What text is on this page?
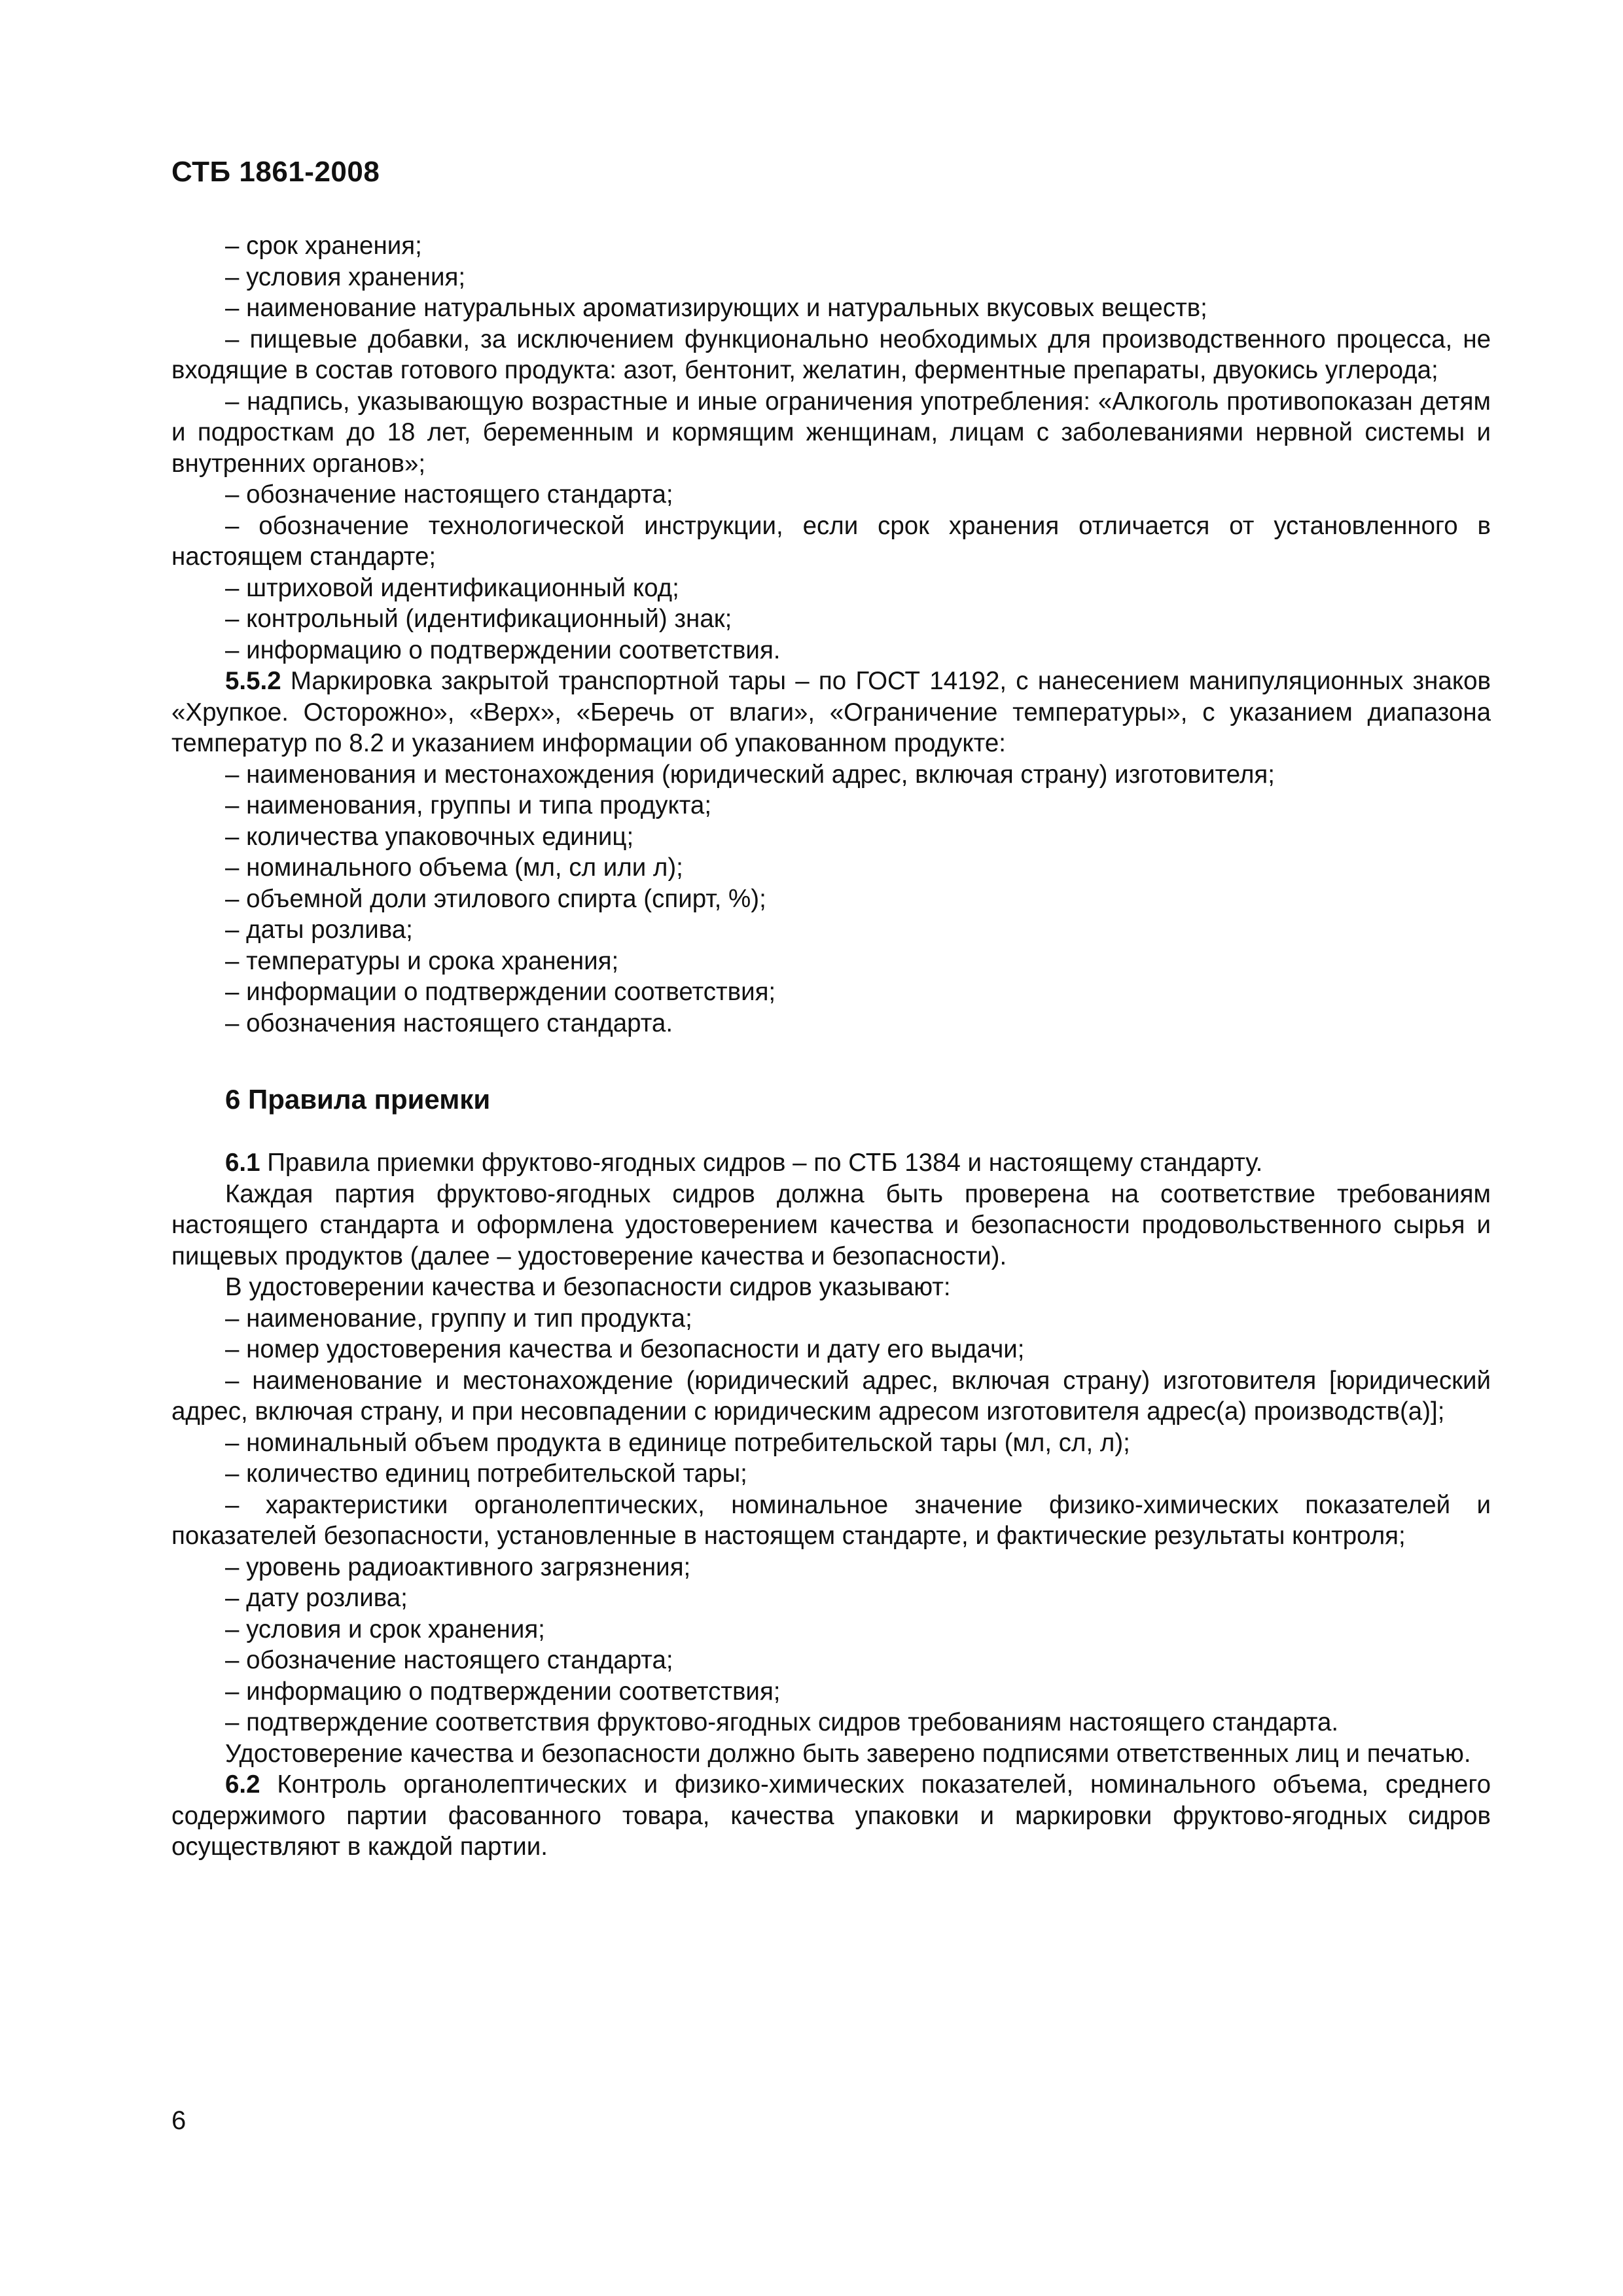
СТБ 1861-2008

– срок хранения;

– условия хранения;

– наименование натуральных ароматизирующих и натуральных вкусовых веществ;

– пищевые добавки, за исключением функционально необходимых для производственного процесса, не входящие в состав готового продукта: азот, бентонит, желатин, ферментные препараты, двуокись углерода;

– надпись, указывающую возрастные и иные ограничения употребления: «Алкоголь противопоказан детям и подросткам до 18 лет, беременным и кормящим женщинам, лицам с заболеваниями нервной системы и внутренних органов»;

– обозначение настоящего стандарта;

– обозначение технологической инструкции, если срок хранения отличается от установленного в настоящем стандарте;

– штриховой идентификационный код;

– контрольный (идентификационный) знак;

– информацию о подтверждении соответствия.

5.5.2 Маркировка закрытой транспортной тары – по ГОСТ 14192, с нанесением манипуляционных знаков «Хрупкое. Осторожно», «Верх», «Беречь от влаги», «Ограничение температуры», с указанием диапазона температур по 8.2 и указанием информации об упакованном продукте:

– наименования и местонахождения (юридический адрес, включая страну) изготовителя;

– наименования, группы и типа продукта;

– количества упаковочных единиц;

– номинального объема (мл, сл или л);

– объемной доли этилового спирта (спирт, %);

– даты розлива;

– температуры и срока хранения;

– информации о подтверждении соответствия;

– обозначения настоящего стандарта.

6 Правила приемки

6.1 Правила приемки фруктово-ягодных сидров – по СТБ 1384 и настоящему стандарту.

Каждая партия фруктово-ягодных сидров должна быть проверена на соответствие требованиям настоящего стандарта и оформлена удостоверением качества и безопасности продовольственного сырья и пищевых продуктов (далее – удостоверение качества и безопасности).

В удостоверении качества и безопасности сидров указывают:

– наименование, группу и тип продукта;

– номер удостоверения качества и безопасности и дату его выдачи;

– наименование и местонахождение (юридический адрес, включая страну) изготовителя [юридический адрес, включая страну, и при несовпадении с юридическим адресом изготовителя адрес(а) производств(а)];

– номинальный объем продукта в единице потребительской тары (мл, сл, л);

– количество единиц потребительской тары;

– характеристики органолептических, номинальное значение физико-химических показателей и показателей безопасности, установленные в настоящем стандарте, и фактические результаты контроля;

– уровень радиоактивного загрязнения;

– дату розлива;

– условия и срок хранения;

– обозначение настоящего стандарта;

– информацию о подтверждении соответствия;

– подтверждение соответствия фруктово-ягодных сидров требованиям настоящего стандарта.

Удостоверение качества и безопасности должно быть заверено подписями ответственных лиц и печатью.

6.2 Контроль органолептических и физико-химических показателей, номинального объема, среднего содержимого партии фасованного товара, качества упаковки и маркировки фруктово-ягодных сидров осуществляют в каждой партии.

6
